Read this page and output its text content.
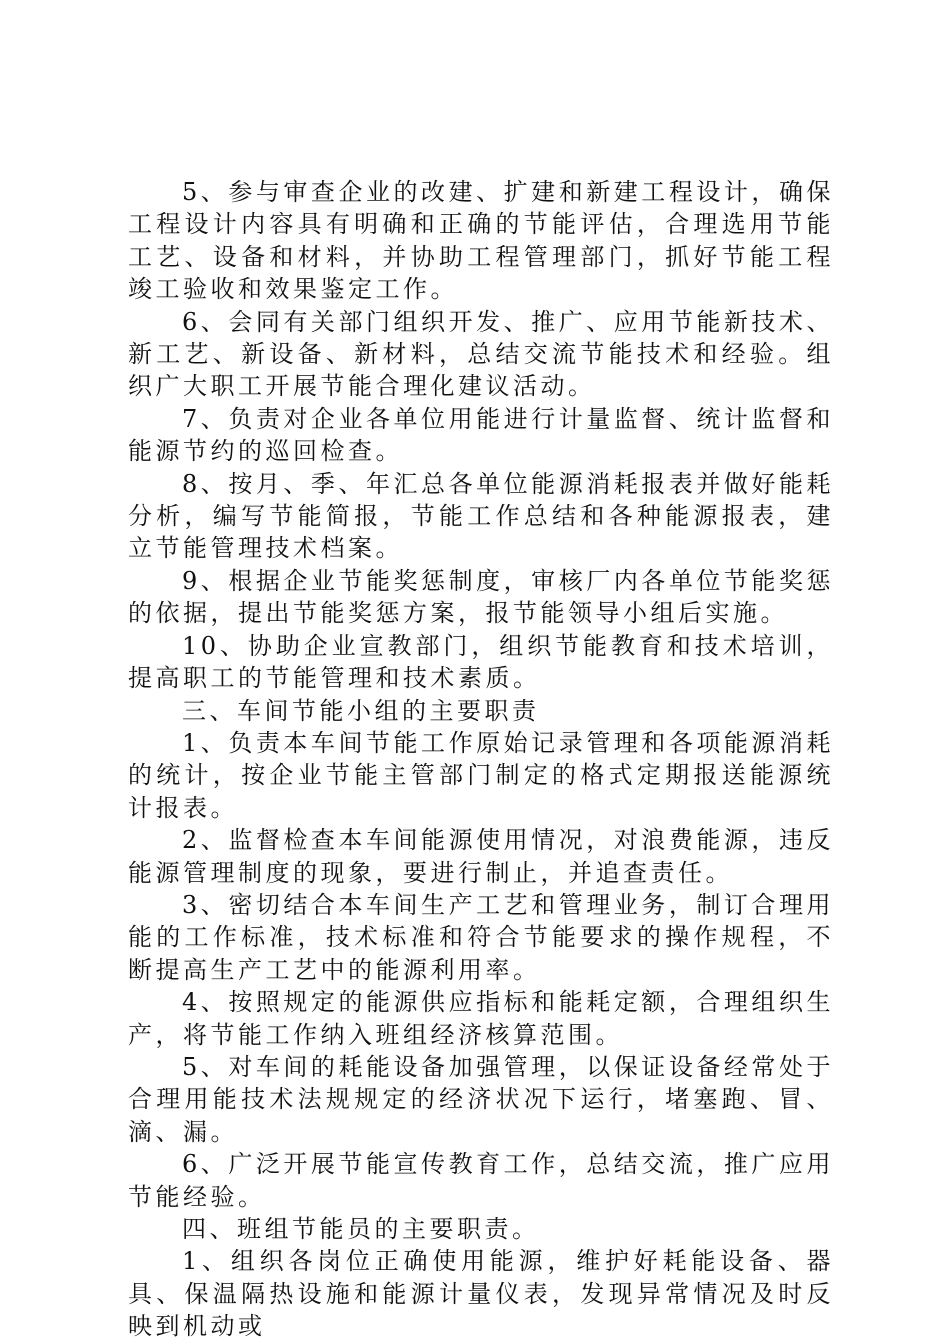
5、参与审查企业的改建、扩建和新建工程设计，确保工程设计内容具有明确和正确的节能评估，合理选用节能工艺、设备和材料，并协助工程管理部门，抓好节能工程竣工验收和效果鉴定工作。

6、会同有关部门组织开发、推广、应用节能新技术、新工艺、新设备、新材料，总结交流节能技术和经验。组织广大职工开展节能合理化建议活动。

7、负责对企业各单位用能进行计量监督、统计监督和能源节约的巡回检查。

8、按月、季、年汇总各单位能源消耗报表并做好能耗分析，编写节能简报，节能工作总结和各种能源报表，建立节能管理技术档案。

9、根据企业节能奖惩制度，审核厂内各单位节能奖惩的依据，提出节能奖惩方案，报节能领导小组后实施。

10、协助企业宣教部门，组织节能教育和技术培训，提高职工的节能管理和技术素质。

三、车间节能小组的主要职责

1、负责本车间节能工作原始记录管理和各项能源消耗的统计，按企业节能主管部门制定的格式定期报送能源统计报表。

2、监督检查本车间能源使用情况，对浪费能源，违反能源管理制度的现象，要进行制止，并追查责任。

3、密切结合本车间生产工艺和管理业务，制订合理用能的工作标准，技术标准和符合节能要求的操作规程，不断提高生产工艺中的能源利用率。

4、按照规定的能源供应指标和能耗定额，合理组织生产，将节能工作纳入班组经济核算范围。

5、对车间的耗能设备加强管理，以保证设备经常处于合理用能技术法规规定的经济状况下运行，堵塞跑、冒、滴、漏。

6、广泛开展节能宣传教育工作，总结交流，推广应用节能经验。

四、班组节能员的主要职责。

1、组织各岗位正确使用能源，维护好耗能设备、器具、保温隔热设施和能源计量仪表，发现异常情况及时反映到机动或
